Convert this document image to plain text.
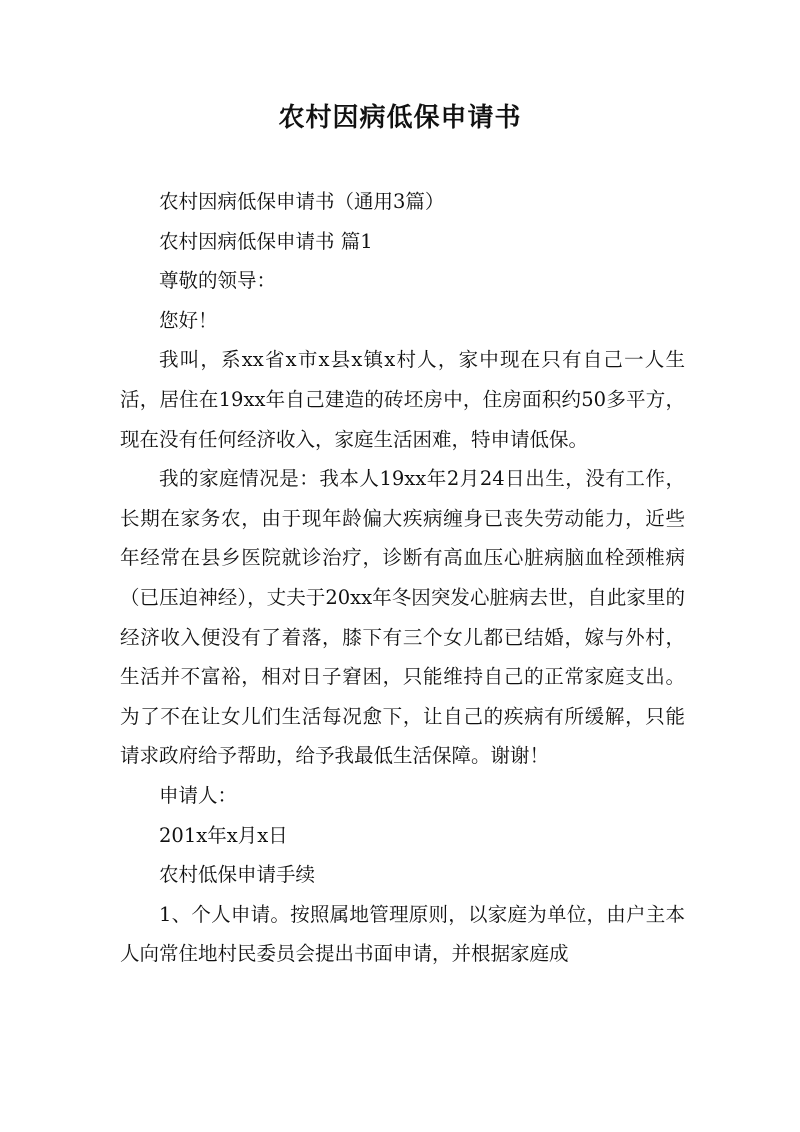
农村因病低保申请书

农村因病低保申请书（通用3篇）

农村因病低保申请书 篇1

尊敬的领导：

您好！

我叫，系xx省x市x县x镇x村人，家中现在只有自己一人生活，居住在19xx年自己建造的砖坯房中，住房面积约50多平方，现在没有任何经济收入，家庭生活困难，特申请低保。

我的家庭情况是：我本人19xx年2月24日出生，没有工作，长期在家务农，由于现年龄偏大疾病缠身已丧失劳动能力，近些年经常在县乡医院就诊治疗，诊断有高血压心脏病脑血栓颈椎病（已压迫神经），丈夫于20xx年冬因突发心脏病去世，自此家里的经济收入便没有了着落，膝下有三个女儿都已结婚，嫁与外村，生活并不富裕，相对日子窘困，只能维持自己的正常家庭支出。为了不在让女儿们生活每况愈下，让自己的疾病有所缓解，只能请求政府给予帮助，给予我最低生活保障。谢谢！

申请人：

201x年x月x日

农村低保申请手续

1、个人申请。按照属地管理原则，以家庭为单位，由户主本人向常住地村民委员会提出书面申请，并根据家庭成
